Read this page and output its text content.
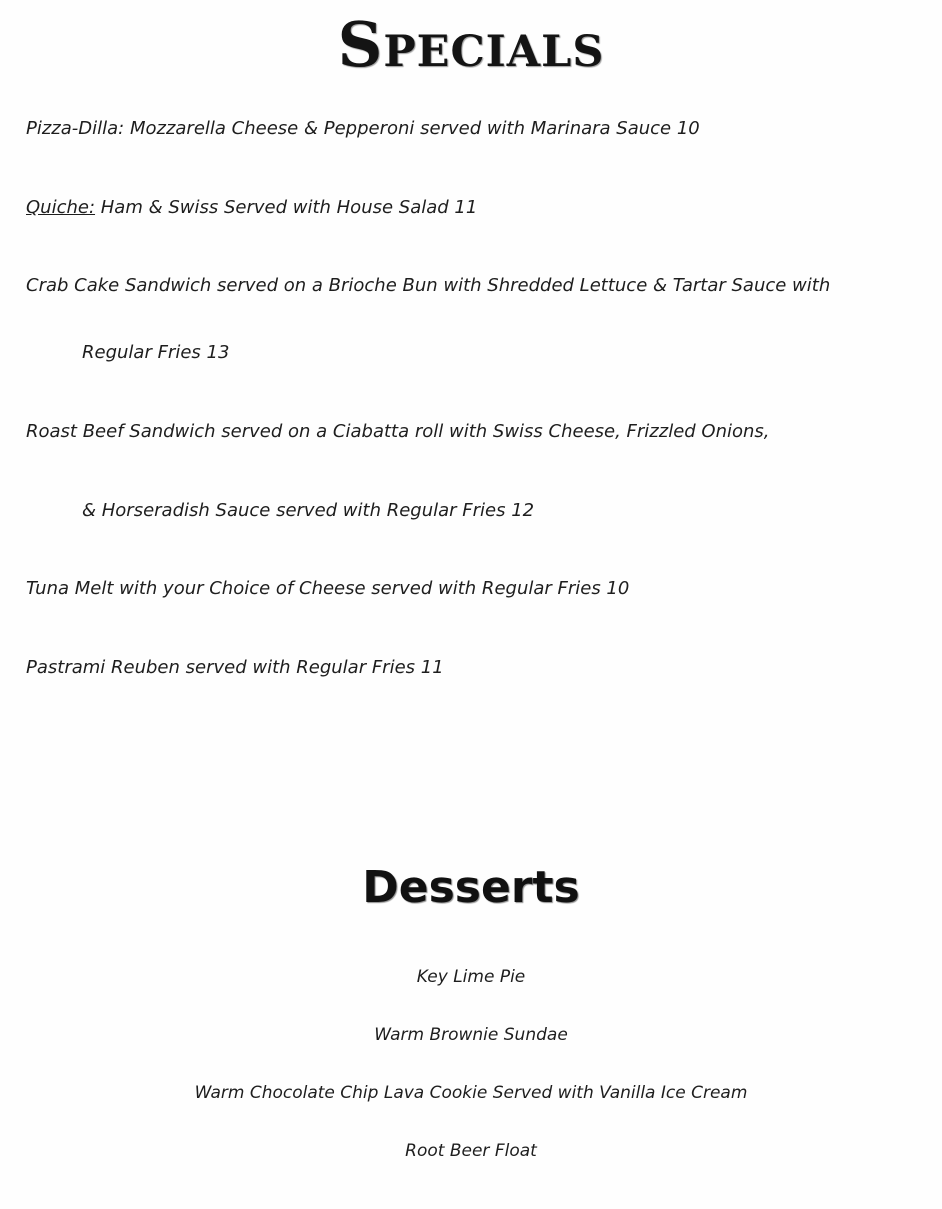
Specials

Pizza-Dilla: Mozzarella Cheese & Pepperoni served with Marinara Sauce 10

Quiche: Ham & Swiss Served with House Salad 11

Crab Cake Sandwich served on a Brioche Bun with Shredded Lettuce & Tartar Sauce with

Regular Fries 13

Roast Beef Sandwich served on a Ciabatta roll with Swiss Cheese, Frizzled Onions,

& Horseradish Sauce served with Regular Fries 12

Tuna Melt with your Choice of Cheese served with Regular Fries 10

Pastrami Reuben served with Regular Fries 11

Desserts

Key Lime Pie

Warm Brownie Sundae

Warm Chocolate Chip Lava Cookie Served with Vanilla Ice Cream

Root Beer Float
